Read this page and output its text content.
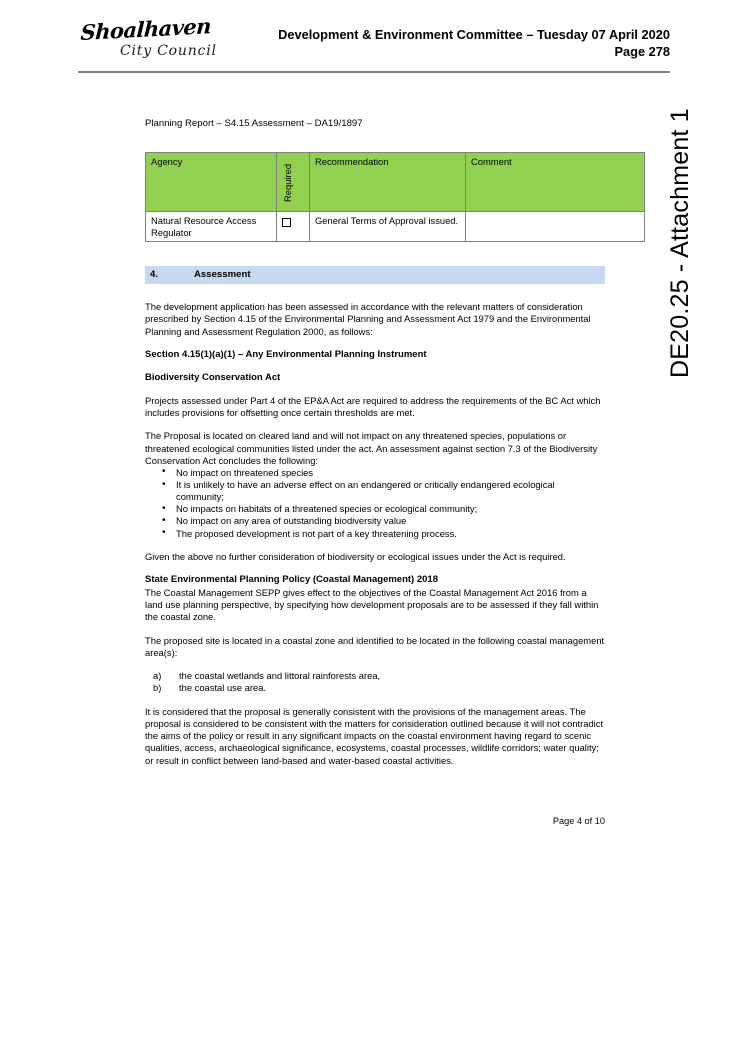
Shoalhaven
City Council
Development & Environment Committee – Tuesday 07 April 2020
Page 278

Planning Report – S4.15 Assessment – DA19/1897

Agency	Required	Recommendation	Comment
Natural Resource Access Regulator		General Terms of Approval issued.	
4.	Assessment

The development application has been assessed in accordance with the relevant matters of consideration prescribed by Section 4.15 of the Environmental Planning and Assessment Act 1979 and the Environmental Planning and Assessment Regulation 2000, as follows:

Section 4.15(1)(a)(1) – Any Environmental Planning Instrument

Biodiversity Conservation Act

Projects assessed under Part 4 of the EP&A Act are required to address the requirements of the BC Act which includes provisions for offsetting once certain thresholds are met.

The Proposal is located on cleared land and will not impact on any threatened species, populations or threatened ecological communities listed under the act. An assessment against section 7.3 of the Biodiversity Conservation Act concludes the following:

• No impact on threatened species
• It is unlikely to have an adverse effect on an endangered or critically endangered ecological community;
• No impacts on habitats of a threatened species or ecological community;
• No impact on any area of outstanding biodiversity value
• The proposed development is not part of a key threatening process.

Given the above no further consideration of biodiversity or ecological issues under the Act is required.

State Environmental Planning Policy (Coastal Management) 2018

The Coastal Management SEPP gives effect to the objectives of the Coastal Management Act 2016 from a land use planning perspective, by specifying how development proposals are to be assessed if they fall within the coastal zone.

The proposed site is located in a coastal zone and identified to be located in the following coastal management area(s):

a)	the coastal wetlands and littoral rainforests area,
b)	the coastal use area.

It is considered that the proposal is generally consistent with the provisions of the management areas. The proposal is considered to be consistent with the matters for consideration outlined because it will not contradict the aims of the policy or result in any significant impacts on the coastal environment having regard to scenic qualities, access, archaeological significance, ecosystems, coastal processes, wildlife corridors; water quality; or result in conflict between land-based and water-based coastal activities.

Page 4 of 10
DE20.25 - Attachment 1
